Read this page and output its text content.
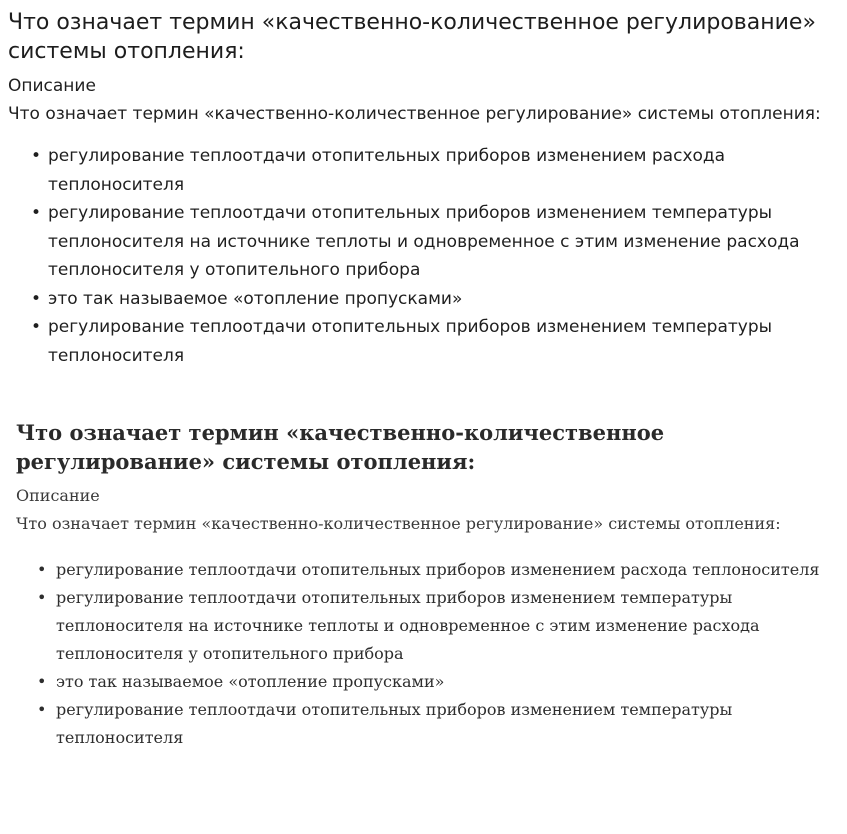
Что означает термин «качественно-количественное регулирование» системы отопления:
Описание
Что означает термин «качественно-количественное регулирование» системы отопления:
• регулирование теплоотдачи отопительных приборов изменением расхода теплоносителя
• регулирование теплоотдачи отопительных приборов изменением температуры теплоносителя на источнике теплоты и одновременное с этим изменение расхода теплоносителя у отопительного прибора
• это так называемое «отопление пропусками»
• регулирование теплоотдачи отопительных приборов изменением температуры теплоносителя
Что означает термин «качественно-количественное регулирование» системы отопления:
Описание
Что означает термин «качественно-количественное регулирование» системы отопления:
• регулирование теплоотдачи отопительных приборов изменением расхода теплоносителя
• регулирование теплоотдачи отопительных приборов изменением температуры теплоносителя на источнике теплоты и одновременное с этим изменение расхода теплоносителя у отопительного прибора
• это так называемое «отопление пропусками»
• регулирование теплоотдачи отопительных приборов изменением температуры теплоносителя
